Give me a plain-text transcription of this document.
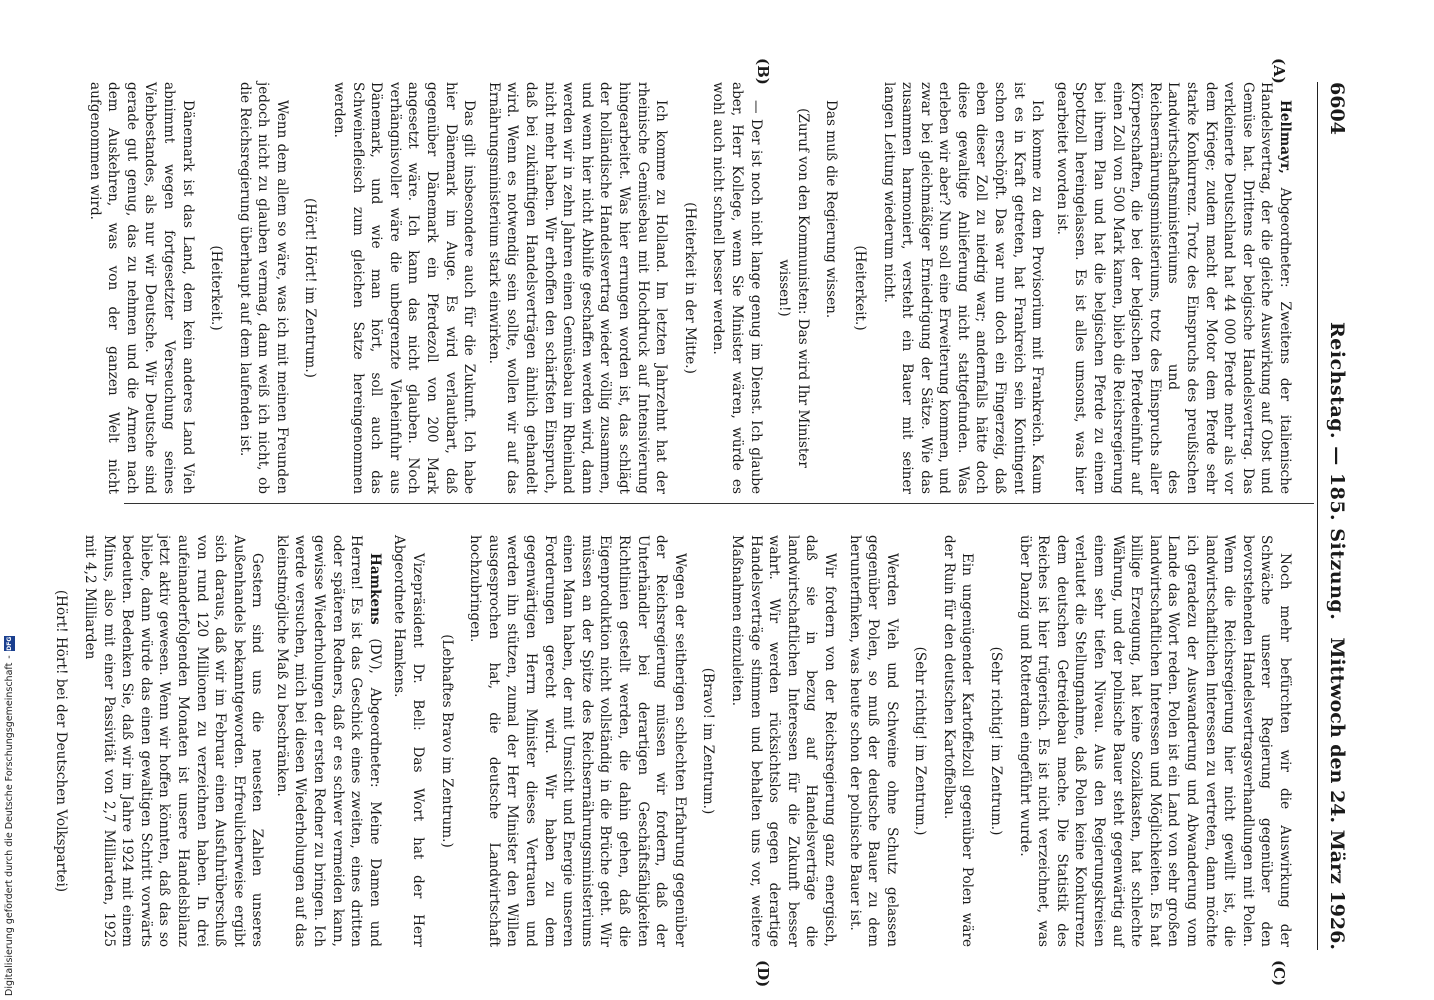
6604
Reichstag. — 185. Sitzung.
Mittwoch den 24. März 1926.
(A)
(B)
(C)
(D)

Hellmayr, Abgeordneter: Zweitens der italienische Handelsvertrag, der die gleiche Auswirkung auf Obst und Gemüse hat. Drittens der belgische Handelsvertrag. Das verkleinerte Deutschland hat 44 000 Pferde mehr als vor dem Kriege; zudem macht der Motor dem Pferde sehr starke Konkurrenz. Trotz des Einspruchs des preußischen Landwirtschaftsministeriums und des Reichsernährungsministeriums, trotz des Einspruchs aller Körperschaften, die bei der belgischen Pferdeeinfuhr auf einen Zoll von 500 Mark kamen, blieb die Reichsregierung bei ihrem Plan und hat die belgischen Pferde zu einem Spottzoll hereingelassen. Es ist alles umsonst, was hier gearbeitet worden ist.

Ich komme zu dem Provisorium mit Frankreich. Kaum ist es in Kraft getreten, hat Frankreich sein Kontingent schon erschöpft. Das war nun doch ein Fingerzeig, daß eben dieser Zoll zu niedrig war; andernfalls hätte doch diese gewaltige Anlieferung nicht stattgefunden. Was erleben wir aber? Nun soll eine Erweiterung kommen, und zwar bei gleichmäßiger Erniedrigung der Sätze. Wie das zusammen harmoniert, versteht ein Bauer mit seiner langen Leitung wiederum nicht.

(Heiterkeit.)

Das muß die Regierung wissen.

(Zuruf von den Kommunisten: Das wird Ihr Minister wissen!)

— Der ist noch nicht lange genug im Dienst. Ich glaube aber, Herr Kollege, wenn Sie Minister wären, würde es wohl auch nicht schnell besser werden.

(Heiterkeit in der Mitte.)

Ich komme zu Holland. Im letzten Jahrzehnt hat der rheinische Gemüsebau mit Hochdruck auf Intensivierung hingearbeitet. Was hier errungen worden ist, das schlägt der holländische Handelsvertrag wieder völlig zusammen, und wenn hier nicht Abhilfe geschaffen werden wird, dann werden wir in zehn Jahren einen Gemüsebau im Rheinland nicht mehr haben. Wir erhoffen den schärfsten Einspruch, daß bei zukünftigen Handelsverträgen ähnlich gehandelt wird. Wenn es notwendig sein sollte, wollen wir auf das Ernährungsministerium stark einwirken.

Das gilt insbesondere auch für die Zukunft. Ich habe hier Dänemark im Auge. Es wird verlautbart, daß gegenüber Dänemark ein Pferdezoll von 200 Mark angesetzt wäre. Ich kann das nicht glauben. Noch verhängnisvoller wäre die unbegrenzte Vieheinfuhr aus Dänemark, und wie man hört, soll auch das Schweinefleisch zum gleichen Satze hereingenommen werden.

(Hört! Hört! im Zentrum.)

Wenn dem allem so wäre, was ich mit meinen Freunden jedoch nicht zu glauben vermag, dann weiß ich nicht, ob die Reichsregierung überhaupt auf dem laufenden ist.

(Heiterkeit.)

Dänemark ist das Land, dem kein anderes Land Vieh abnimmt wegen fortgesetzter Verseuchung seines Viehbestandes, als nur wir Deutsche. Wir Deutsche sind gerade gut genug, das zu nehmen und die Armen nach dem Auskehren, was von der ganzen Welt nicht aufgenommen wird.

Noch mehr befürchten wir die Auswirkung der Schwäche unserer Regierung gegenüber den bevorstehenden Handelsvertragsverhandlungen mit Polen. Wenn die Reichsregierung hier nicht gewillt ist, die landwirtschaftlichen Interessen zu vertreten, dann möchte ich geradezu der Auswanderung und Abwanderung vom Lande das Wort reden. Polen ist ein Land von sehr großen landwirtschaftlichen Interessen und Möglichkeiten. Es hat billige Erzeugung, hat keine Sozialkasten, hat schlechte Währung, und der polnische Bauer steht gegenwärtig auf einem sehr tiefen Niveau. Aus den Regierungskreisen verlautet die Stellungnahme, daß Polen keine Konkurrenz dem deutschen Getreidebau mache. Die Statistik des Reiches ist hier trügerisch. Es ist nicht verzeichnet, was über Danzig und Rotterdam eingeführt wurde.

(Sehr richtig! im Zentrum.)

Ein ungenügender Kartoffelzoll gegenüber Polen wäre der Ruin für den deutschen Kartoffelbau.

(Sehr richtig! im Zentrum.)

Werden Vieh und Schweine ohne Schutz gelassen gegenüber Polen, so muß der deutsche Bauer zu dem herunterfinken, was heute schon der polnische Bauer ist.

Wir fordern von der Reichsregierung ganz energisch, daß sie in bezug auf Handelsverträge die landwirtschaftlichen Interessen für die Zukunft besser wahrt. Wir werden rücksichtslos gegen derartige Handelsverträge stimmen und behalten uns vor, weitere Maßnahmen einzuleiten.

(Bravo! im Zentrum.)

Wegen der seitherigen schlechten Erfahrung gegenüber der Reichsregierung müssen wir fordern, daß der Unterhändler bei derartigen Geschäftsfähigkeiten Richtlinien gestellt werden, die dahin gehen, daß die Eigenproduktion nicht vollständig in die Brüche geht. Wir müssen an der Spitze des Reichsernährungsministeriums einen Mann haben, der mit Umsicht und Energie unseren Forderungen gerecht wird. Wir haben zu dem gegenwärtigen Herrn Minister dieses Vertrauen und werden ihn stützen, zumal der Herr Minister den Willen ausgesprochen hat, die deutsche Landwirtschaft hochzubringen.

(Lebhaftes Bravo im Zentrum.)

Vizepräsident Dr. Bell: Das Wort hat der Herr Abgeordnete Hamkens.

Hamkens (DV), Abgeordneter: Meine Damen und Herren! Es ist das Geschick eines zweiten, eines dritten oder späteren Redners, daß er es schwer vermeiden kann, gewisse Wiederholungen der ersten Redner zu bringen. Ich werde versuchen, mich bei diesen Wiederholungen auf das kleinstmögliche Maß zu beschränken.

Gestern sind uns die neuesten Zahlen unseres Außenhandels bekanntgeworden. Erfreulicherweise ergibt sich daraus, daß wir im Februar einen Ausfuhrüberschuß von rund 120 Millionen zu verzeichnen haben. In drei aufeinanderfolgenden Monaten ist unsere Handelsbilanz jetzt aktiv gewesen. Wenn wir hoffen könnten, daß das so bliebe, dann würde das einen gewaltigen Schritt vorwärts bedeuten. Bedenken Sie, daß wir im Jahre 1924 mit einem Minus, also mit einer Passivität von 2,7 Milliarden, 1925 mit 4,2 Milliarden

(Hört! Hört! bei der Deutschen Volkspartei)

Digitalisierung gefördert durch die Deutsche Forschungsgemeinschaft
-
DFG
